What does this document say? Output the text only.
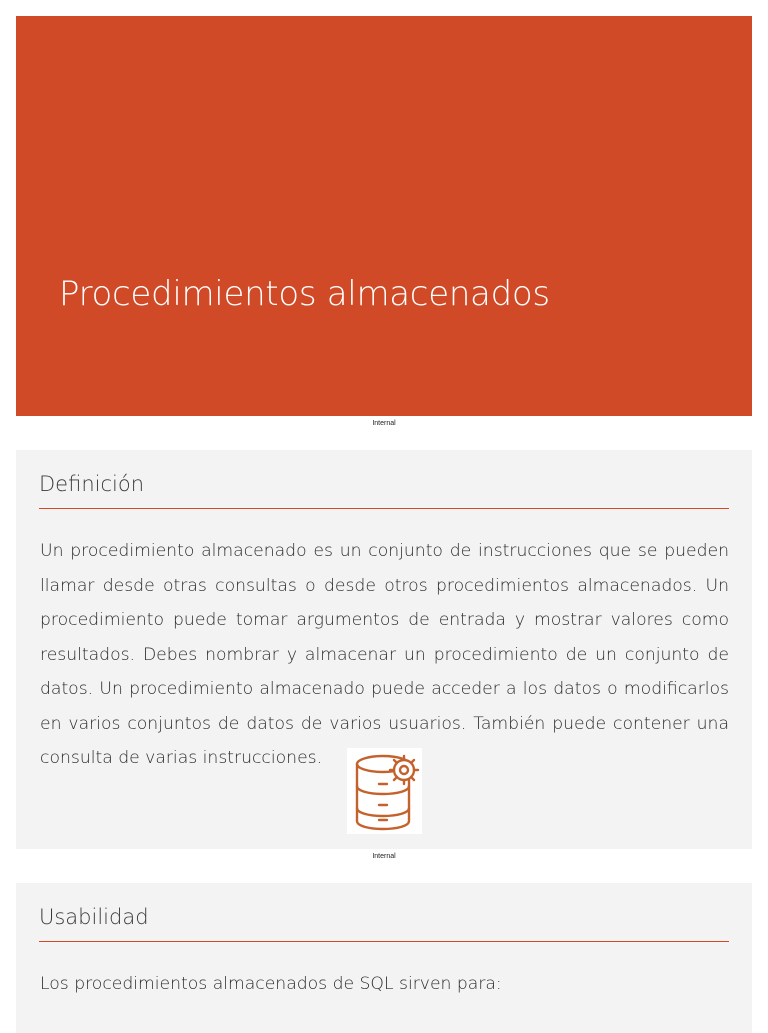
Procedimientos almacenados
Internal
Definición
Un procedimiento almacenado es un conjunto de instrucciones que se pueden llamar desde otras consultas o desde otros procedimientos almacenados. Un procedimiento puede tomar argumentos de entrada y mostrar valores como resultados. Debes nombrar y almacenar un procedimiento de un conjunto de datos. Un procedimiento almacenado puede acceder a los datos o modificarlos en varios conjuntos de datos de varios usuarios. También puede contener una consulta de varias instrucciones.
Internal
Usabilidad
Los procedimientos almacenados de SQL sirven para:
